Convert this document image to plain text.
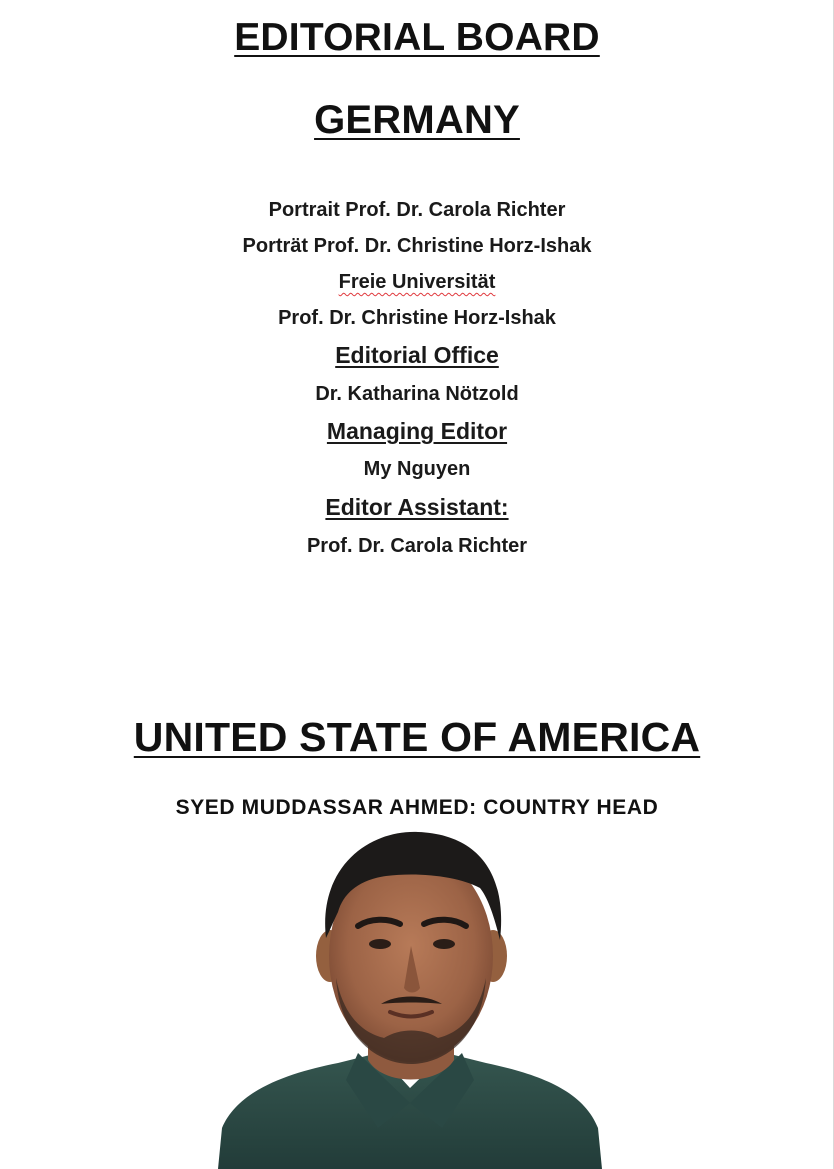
EDITORIAL BOARD
GERMANY
Portrait Prof. Dr. Carola Richter
Porträt Prof. Dr. Christine Horz-Ishak
Freie Universität
Prof. Dr. Christine Horz-Ishak
Editorial Office
Dr. Katharina Nötzold
Managing Editor
My Nguyen
Editor Assistant:
Prof. Dr. Carola Richter
UNITED STATE OF AMERICA
SYED MUDDASSAR AHMED: COUNTRY HEAD
